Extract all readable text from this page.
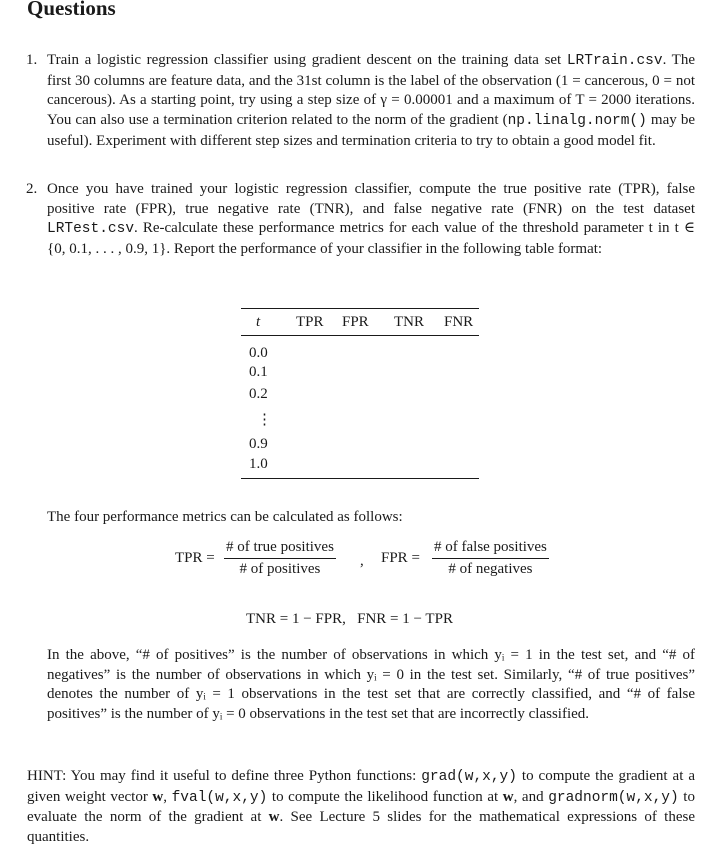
Questions
1. Train a logistic regression classifier using gradient descent on the training data set LRTrain.csv. The first 30 columns are feature data, and the 31st column is the label of the observation (1 = cancerous, 0 = not cancerous). As a starting point, try using a step size of γ = 0.00001 and a maximum of T = 2000 iterations. You can also use a termination criterion related to the norm of the gradient (np.linalg.norm() may be useful). Experiment with different step sizes and termination criteria to try to obtain a good model fit.
2. Once you have trained your logistic regression classifier, compute the true positive rate (TPR), false positive rate (FPR), true negative rate (TNR), and false negative rate (FNR) on the test dataset LRTest.csv. Re-calculate these performance metrics for each value of the threshold parameter t in t ∈ {0, 0.1, . . . , 0.9, 1}. Report the performance of your classifier in the following table format:
t	TPR	FPR	TNR	FNR
0.0				
0.1				
0.2				
⋮				
0.9				
1.0				
The four performance metrics can be calculated as follows:
TPR =
# of true positives
# of positives	, FPR =
# of false positives
# of negatives
TNR = 1 − FPR,   FNR = 1 − TPR
In the above, “# of positives” is the number of observations in which yᵢ = 1 in the test set, and “# of negatives” is the number of observations in which yᵢ = 0 in the test set. Similarly, “# of true positives” denotes the number of yᵢ = 1 observations in the test set that are correctly classified, and “# of false positives” is the number of yᵢ = 0 observations in the test set that are incorrectly classified.
HINT: You may find it useful to define three Python functions: grad(w,x,y) to compute the gradient at a given weight vector w, fval(w,x,y) to compute the likelihood function at w, and gradnorm(w,x,y) to evaluate the norm of the gradient at w. See Lecture 5 slides for the mathematical expressions of these quantities.
